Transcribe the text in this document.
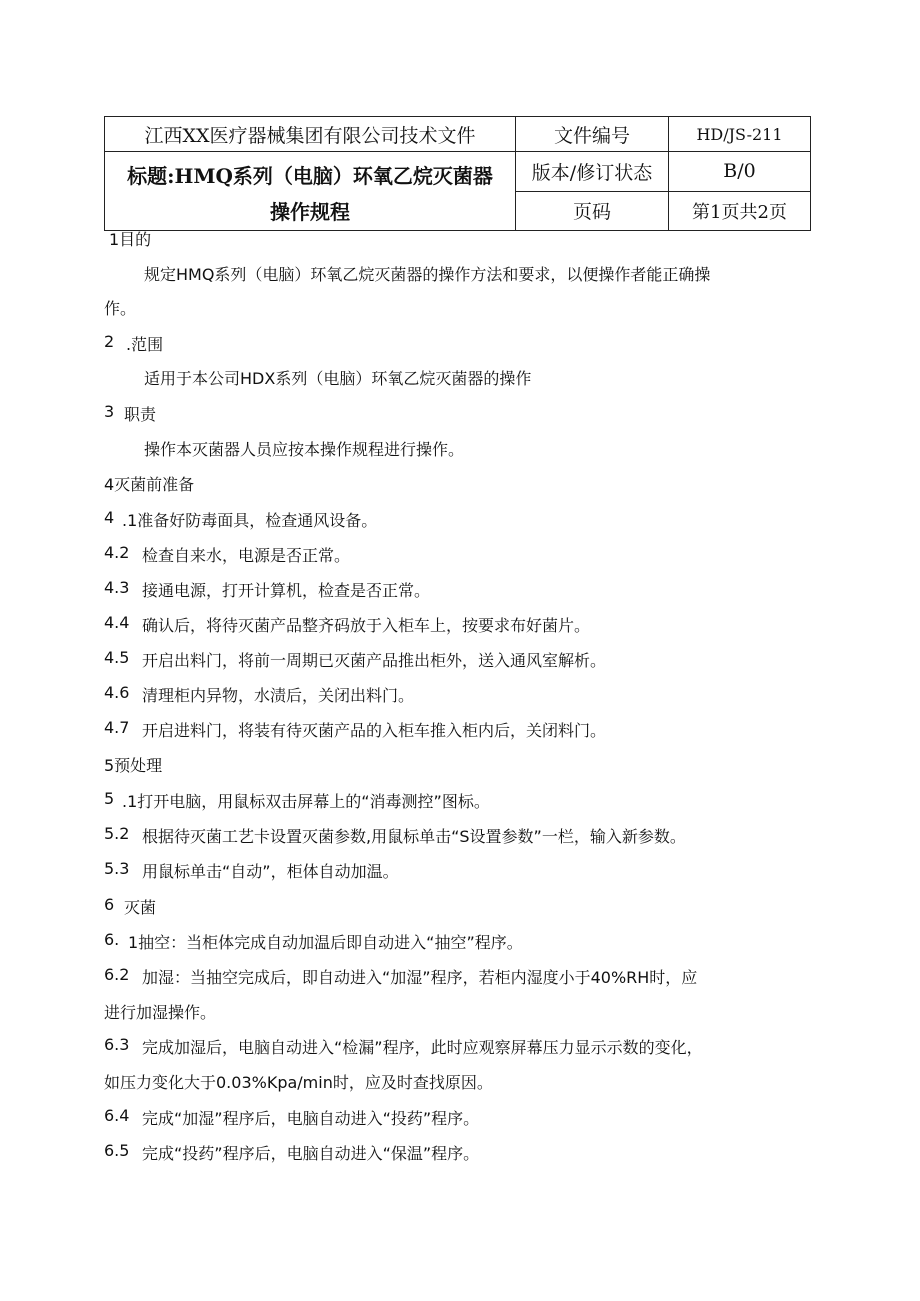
江西XX医疗器械集团有限公司技术文件	文件编号	HD/JS-211

标题:HMQ系列（电脑）环氧乙烷灭菌器
操作规程	版本/修订状态	B/0
	页码	第1页共2页
1目的
规定HMQ系列（电脑）环氧乙烷灭菌器的操作方法和要求，以便操作者能正确操
作。
2 .范围
适用于本公司HDX系列（电脑）环氧乙烷灭菌器的操作
3 职责
操作本灭菌器人员应按本操作规程进行操作。
4灭菌前准备
4 .1准备好防毒面具，检查通风设备。
4.2 检查自来水，电源是否正常。
4.3 接通电源，打开计算机，检查是否正常。
4.4 确认后，将待灭菌产品整齐码放于入柜车上，按要求布好菌片。
4.5 开启出料门，将前一周期已灭菌产品推出柜外，送入通风室解析。
4.6 清理柜内异物，水渍后，关闭出料门。
4.7 开启进料门，将装有待灭菌产品的入柜车推入柜内后，关闭料门。
5预处理
5 .1打开电脑，用鼠标双击屏幕上的“消毒测控”图标。
5.2 根据待灭菌工艺卡设置灭菌参数,用鼠标单击“S设置参数”一栏，输入新参数。
5.3 用鼠标单击“自动”，柜体自动加温。
6 灭菌
6. 1抽空：当柜体完成自动加温后即自动进入“抽空”程序。
6.2 加湿：当抽空完成后，即自动进入“加湿”程序，若柜内湿度小于40%RH时，应
进行加湿操作。
6.3 完成加湿后，电脑自动进入“检漏”程序，此时应观察屏幕压力显示示数的变化，
如压力变化大于0.03%Kpa/min时，应及时查找原因。
6.4 完成“加湿”程序后，电脑自动进入“投药”程序。
6.5 完成“投药”程序后，电脑自动进入“保温”程序。
